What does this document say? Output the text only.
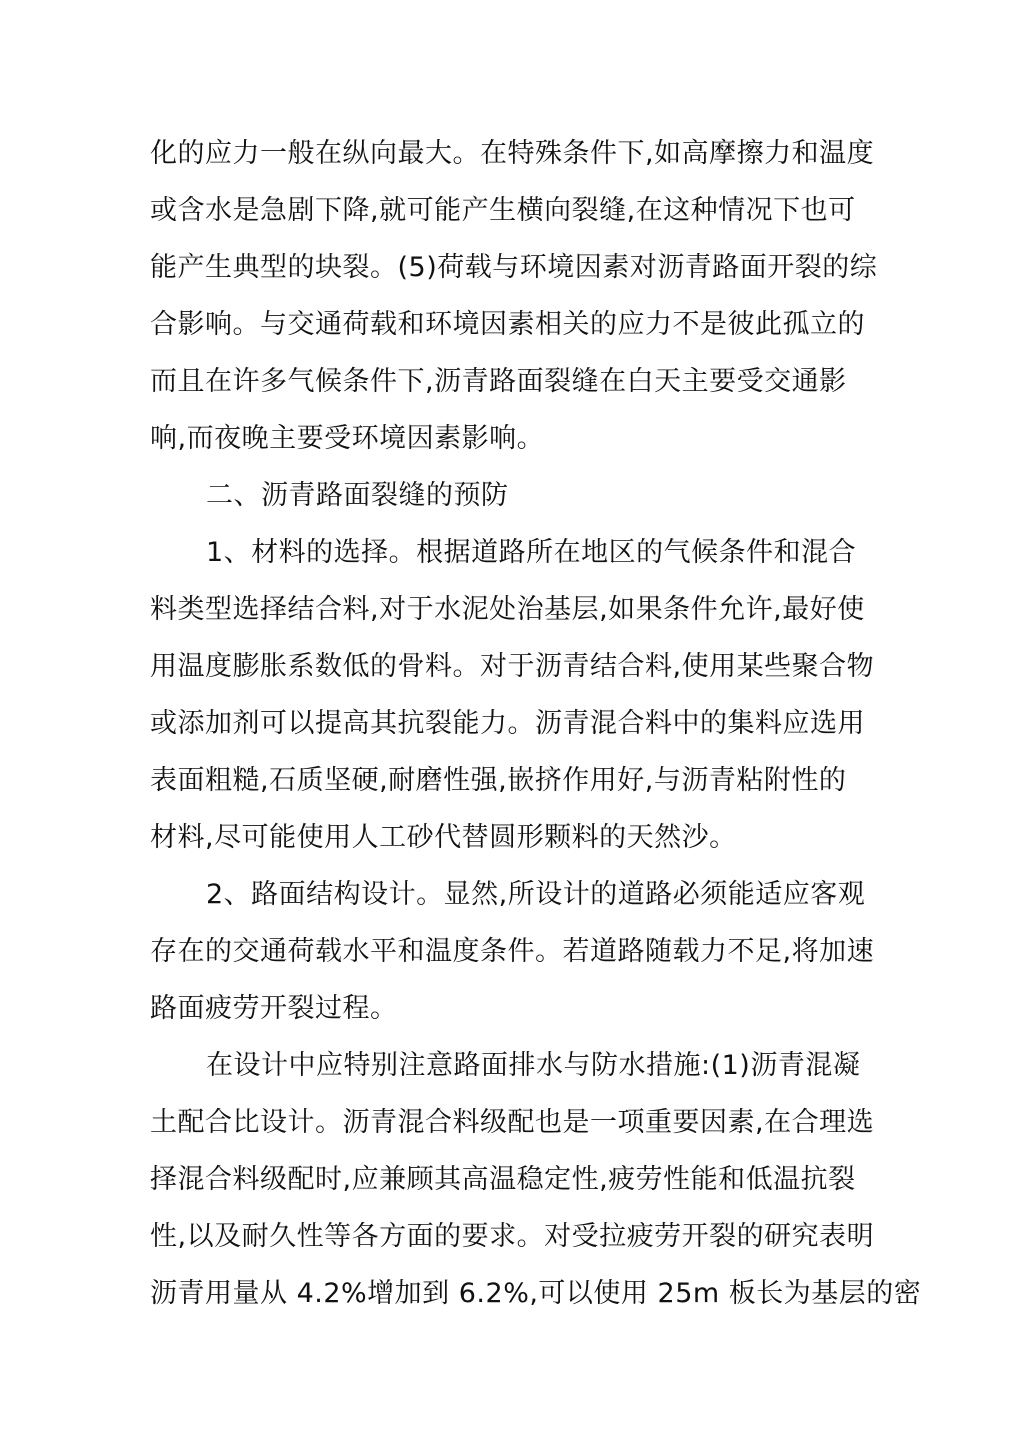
化的应力一般在纵向最大。在特殊条件下,如高摩擦力和温度
或含水是急剧下降,就可能产生横向裂缝,在这种情况下也可
能产生典型的块裂。(5)荷载与环境因素对沥青路面开裂的综
合影响。与交通荷载和环境因素相关的应力不是彼此孤立的
而且在许多气候条件下,沥青路面裂缝在白天主要受交通影
响,而夜晚主要受环境因素影响。
二、沥青路面裂缝的预防
1、材料的选择。根据道路所在地区的气候条件和混合
料类型选择结合料,对于水泥处治基层,如果条件允许,最好使
用温度膨胀系数低的骨料。对于沥青结合料,使用某些聚合物
或添加剂可以提高其抗裂能力。沥青混合料中的集料应选用
表面粗糙,石质坚硬,耐磨性强,嵌挤作用好,与沥青粘附性的
材料,尽可能使用人工砂代替圆形颗料的天然沙。
2、路面结构设计。显然,所设计的道路必须能适应客观
存在的交通荷载水平和温度条件。若道路随载力不足,将加速
路面疲劳开裂过程。
在设计中应特别注意路面排水与防水措施:(1)沥青混凝
土配合比设计。沥青混合料级配也是一项重要因素,在合理选
择混合料级配时,应兼顾其高温稳定性,疲劳性能和低温抗裂
性,以及耐久性等各方面的要求。对受拉疲劳开裂的研究表明
沥青用量从 4.2%增加到 6.2%,可以使用 25m 板长为基层的密
